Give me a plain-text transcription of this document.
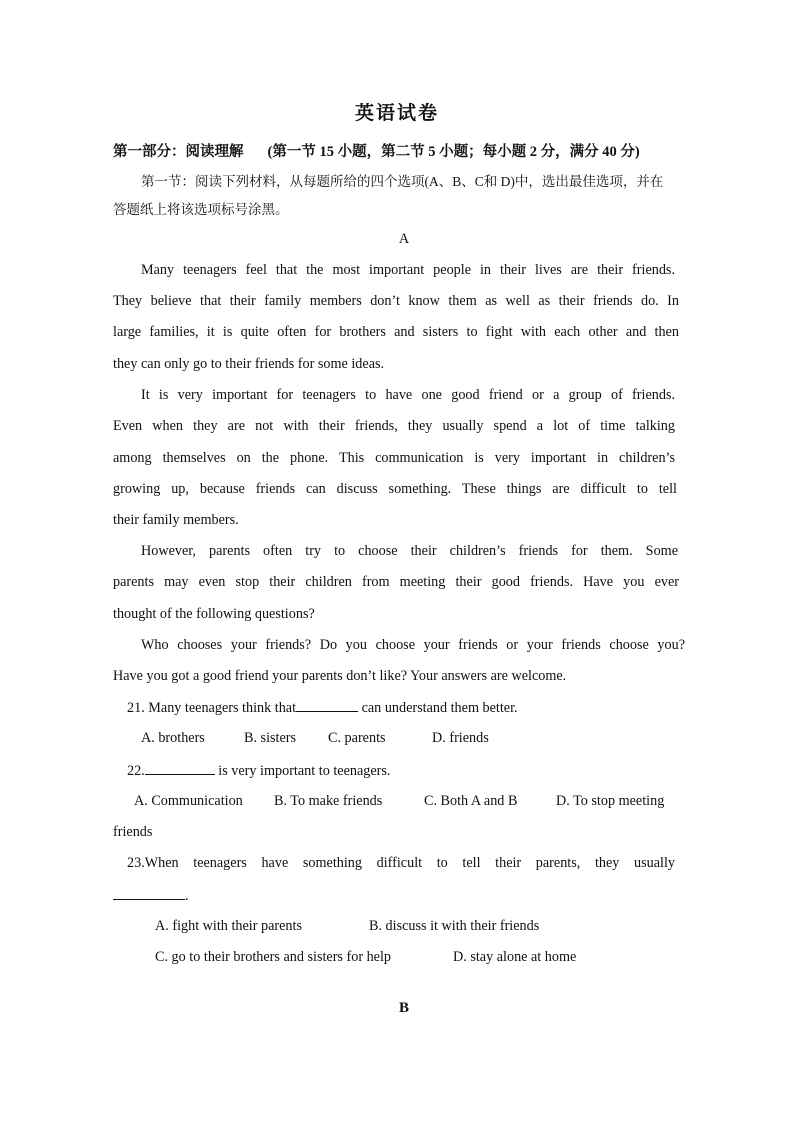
英语试卷
第一部分：阅读理解 (第一节 15 小题，第二节 5 小题；每小题 2 分，满分 40 分)
第一节：阅读下列材料，从每题所给的四个选项(A、B、C和 D)中，选出最佳选项，并在
答题纸上将该选项标号涂黑。
A
Many teenagers feel that the most important people in their lives are their friends.
They believe that their family members don’t know them as well as their friends do. In
large families, it is quite often for brothers and sisters to fight with each other and then
they can only go to their friends for some ideas.
It is very important for teenagers to have one good friend or a group of friends.
Even when they are not with their friends, they usually spend a lot of time talking
among themselves on the phone. This communication is very important in children’s
growing up, because friends can discuss something. These things are difficult to tell
their family members.
However, parents often try to choose their children’s friends for them. Some
parents may even stop their children from meeting their good friends. Have you ever
thought of the following questions?
Who chooses your friends? Do you choose your friends or your friends choose you?
Have you got a good friend your parents don’t like? Your answers are welcome.
21. Many teenagers think that	can understand them better.
A. brothers	B. sisters C. parents	D. friends
22.	is very important to teenagers.
A. Communication B. To make friends	C. Both A and B	D. To stop meeting
friends
23.When teenagers have something difficult to tell their parents, they usually
.
A. fight with their parents	B. discuss it with their friends
C. go to their brothers and sisters for help	D. stay alone at home
B
